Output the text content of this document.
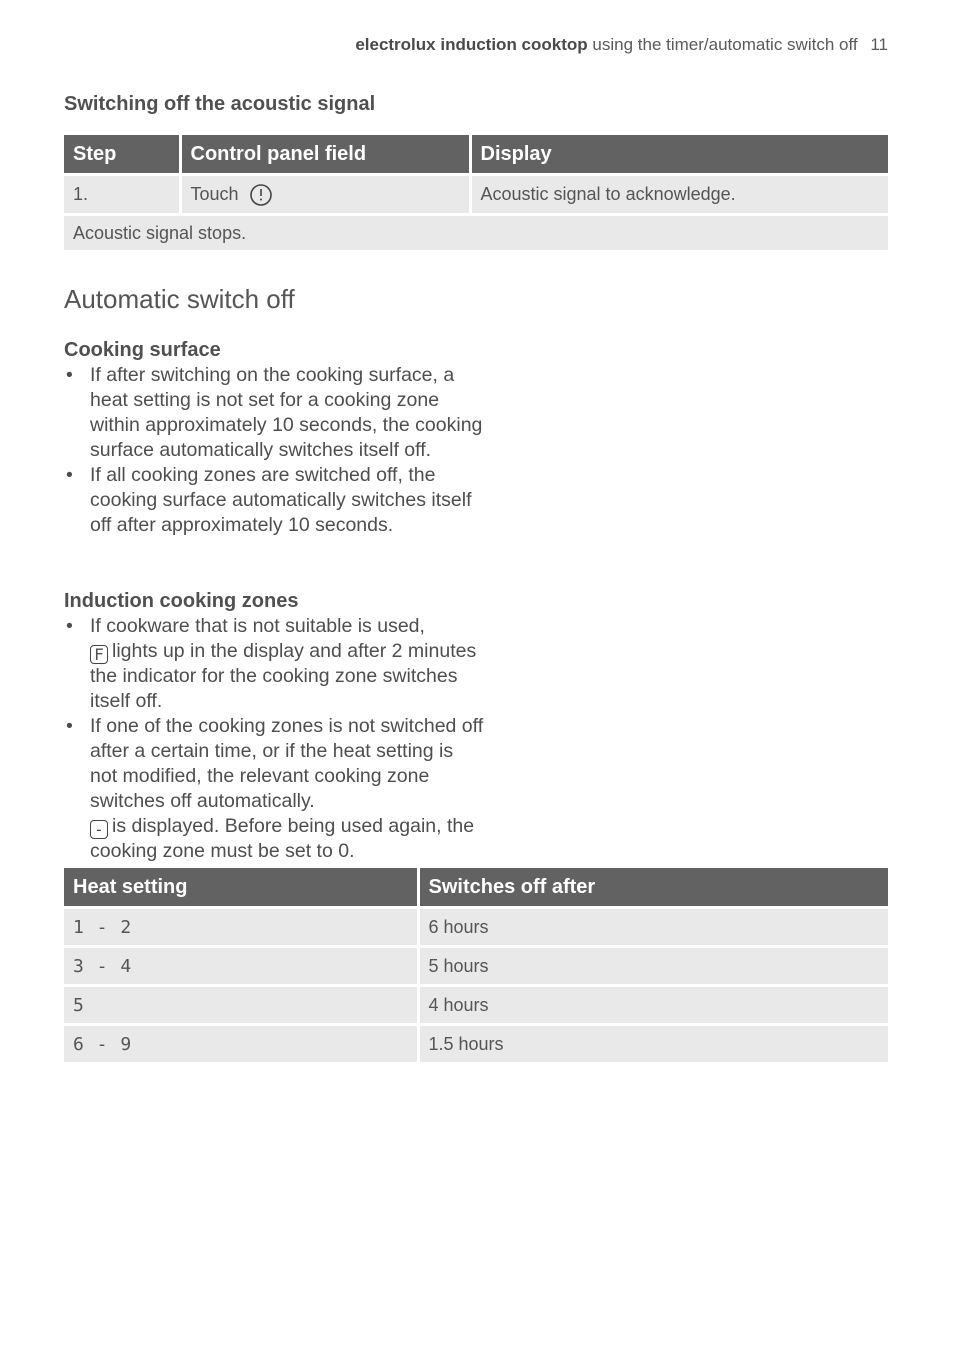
electrolux induction cooktop using the timer/automatic switch off 11
Switching off the acoustic signal
Step	Control panel field	Display
1.	Touch	Acoustic signal to acknowledge.
Acoustic signal stops.		
Automatic switch off
Cooking surface
• If after switching on the cooking surface, a heat setting is not set for a cooking zone within approximately 10 seconds, the cooking surface automatically switches itself off.
• If all cooking zones are switched off, the cooking surface automatically switches itself off after approximately 10 seconds.
Induction cooking zones
• If cookware that is not suitable is used,
F lights up in the display and after 2 minutes the indicator for the cooking zone switches itself off.
• If one of the cooking zones is not switched off after a certain time, or if the heat setting is not modified, the relevant cooking zone switches off automatically.
- is displayed. Before being used again, the cooking zone must be set to 0.
Heat setting	Switches off after
1 - 2	6 hours
3 - 4	5 hours
5	4 hours
6 - 9	1.5 hours
